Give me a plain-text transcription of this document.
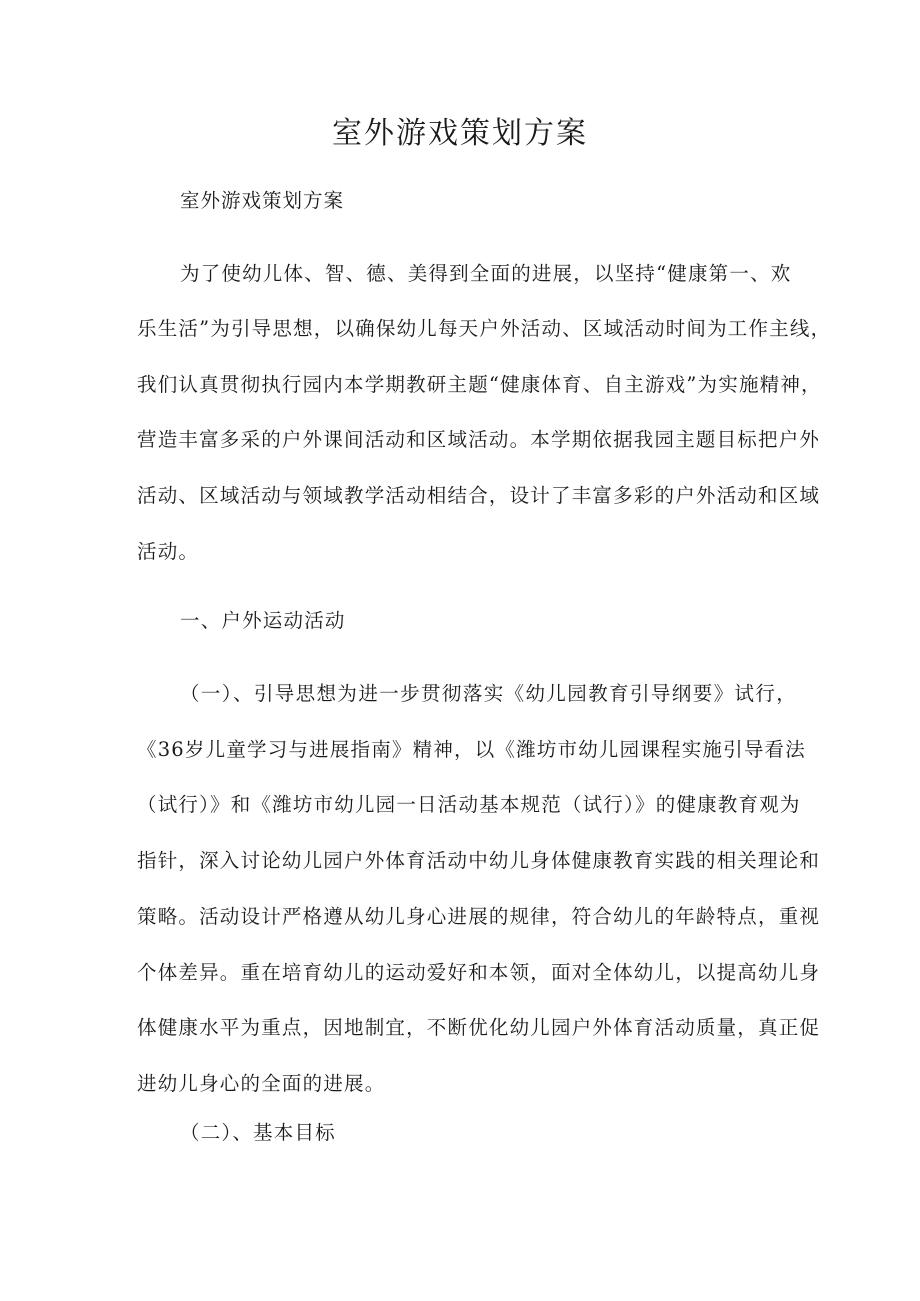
室外游戏策划方案
室外游戏策划方案
为了使幼儿体、智、德、美得到全面的进展，以坚持“健康第一、欢
乐生活”为引导思想，以确保幼儿每天户外活动、区域活动时间为工作主线，
我们认真贯彻执行园内本学期教研主题“健康体育、自主游戏”为实施精神，
营造丰富多采的户外课间活动和区域活动。本学期依据我园主题目标把户外
活动、区域活动与领域教学活动相结合，设计了丰富多彩的户外活动和区域
活动。
一、户外运动活动
（一）、引导思想为进一步贯彻落实《幼儿园教育引导纲要》试行，
《36岁儿童学习与进展指南》精神，以《潍坊市幼儿园课程实施引导看法
（试行）》和《潍坊市幼儿园一日活动基本规范（试行）》的健康教育观为
指针，深入讨论幼儿园户外体育活动中幼儿身体健康教育实践的相关理论和
策略。活动设计严格遵从幼儿身心进展的规律，符合幼儿的年龄特点，重视
个体差异。重在培育幼儿的运动爱好和本领，面对全体幼儿，以提高幼儿身
体健康水平为重点，因地制宜，不断优化幼儿园户外体育活动质量，真正促
进幼儿身心的全面的进展。
（二）、基本目标
